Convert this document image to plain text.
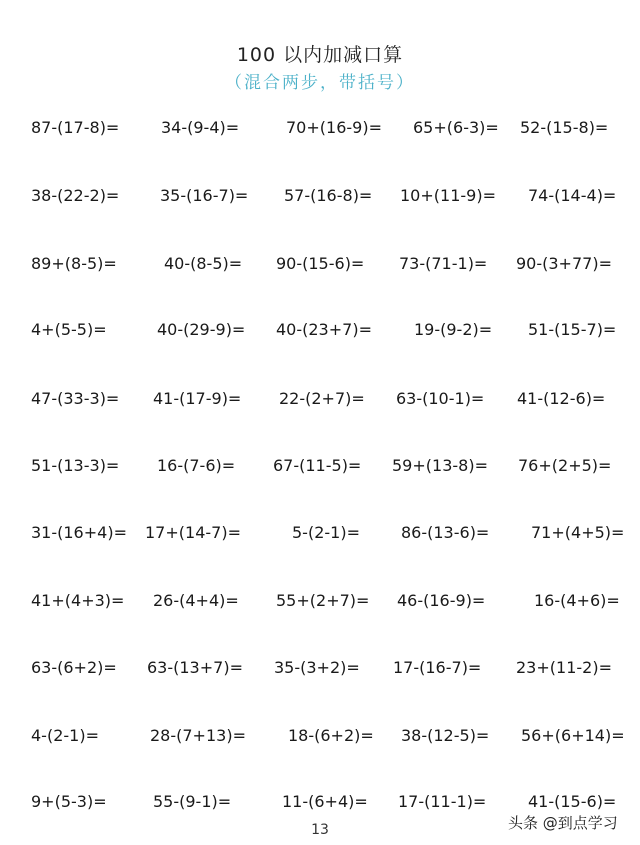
100 以内加减口算
（混合两步，带括号）
87-(17-8)=	34-(9-4)=	70+(16-9)= 65+(6-3)= 52-(15-8)=
38-(22-2)=	35-(16-7)= 57-(16-8)= 10+(11-9)= 74-(14-4)=
89+(8-5)=	40-(8-5)= 90-(15-6)= 73-(71-1)= 90-(3+77)=
4+(5-5)=	40-(29-9)= 40-(23+7)=	19-(9-2)= 51-(15-7)=
47-(33-3)= 41-(17-9)= 22-(2+7)= 63-(10-1)= 41-(12-6)=
51-(13-3)= 16-(7-6)= 67-(11-5)= 59+(13-8)= 76+(2+5)=
31-(16+4)= 17+(14-7)=	5-(2-1)=	86-(13-6)=	71+(4+5)=
41+(4+3)= 26-(4+4)= 55+(2+7)= 46-(16-9)=	16-(4+6)=
63-(6+2)= 63-(13+7)= 35-(3+2)= 17-(16-7)= 23+(11-2)=
4-(2-1)=	28-(7+13)=	18-(6+2)= 38-(12-5)= 56+(6+14)=
9+(5-3)=	55-(9-1)=	11-(6+4)= 17-(11-1)=	41-(15-6)=
13	头条 @到点学习
